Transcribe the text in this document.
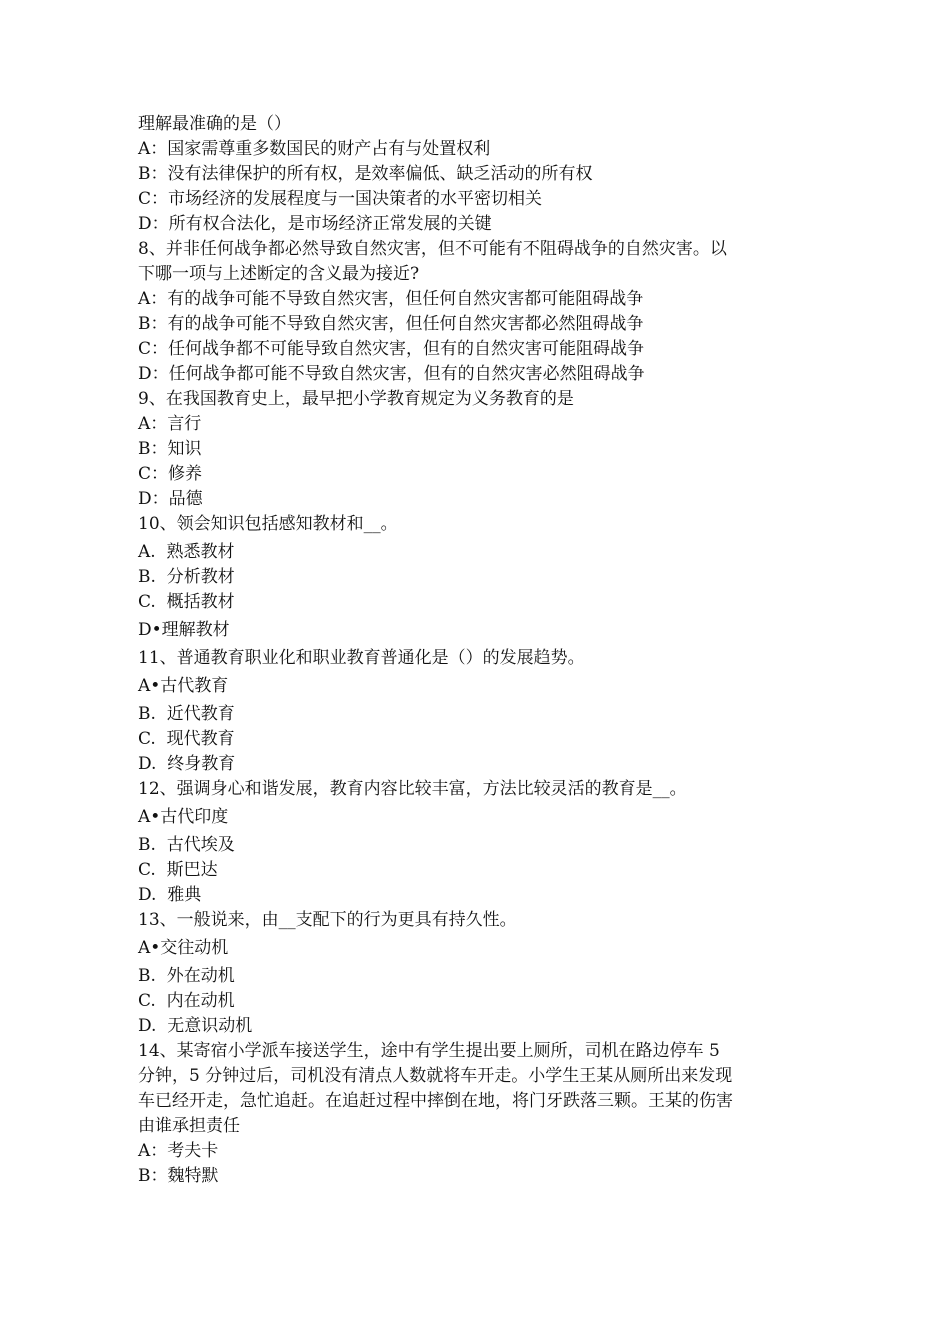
理解最准确的是（）
A：国家需尊重多数国民的财产占有与处置权利
B：没有法律保护的所有权，是效率偏低、缺乏活动的所有权
C：市场经济的发展程度与一国决策者的水平密切相关
D：所有权合法化，是市场经济正常发展的关键
8、并非任何战争都必然导致自然灾害，但不可能有不阻碍战争的自然灾害。以
下哪一项与上述断定的含义最为接近?
A：有的战争可能不导致自然灾害，但任何自然灾害都可能阻碍战争
B：有的战争可能不导致自然灾害，但任何自然灾害都必然阻碍战争
C：任何战争都不可能导致自然灾害，但有的自然灾害可能阻碍战争
D：任何战争都可能不导致自然灾害，但有的自然灾害必然阻碍战争
9、在我国教育史上，最早把小学教育规定为义务教育的是
A：言行
B：知识
C：修养
D：品德
10、领会知识包括感知教材和__。
A.  熟悉教材
B.  分析教材
C.  概括教材
D•理解教材
11、普通教育职业化和职业教育普通化是（）的发展趋势。
A•古代教育
B.  近代教育
C.  现代教育
D.  终身教育
12、强调身心和谐发展，教育内容比较丰富，方法比较灵活的教育是__。
A•古代印度
B.  古代埃及
C.  斯巴达
D.  雅典
13、一般说来，由__支配下的行为更具有持久性。
A•交往动机
B.  外在动机
C.  内在动机
D.  无意识动机
14、某寄宿小学派车接送学生，途中有学生提出要上厕所，司机在路边停车 5
分钟，5 分钟过后，司机没有清点人数就将车开走。小学生王某从厕所出来发现
车已经开走，急忙追赶。在追赶过程中摔倒在地，将门牙跌落三颗。王某的伤害
由谁承担责任
A：考夫卡
B：魏特默
